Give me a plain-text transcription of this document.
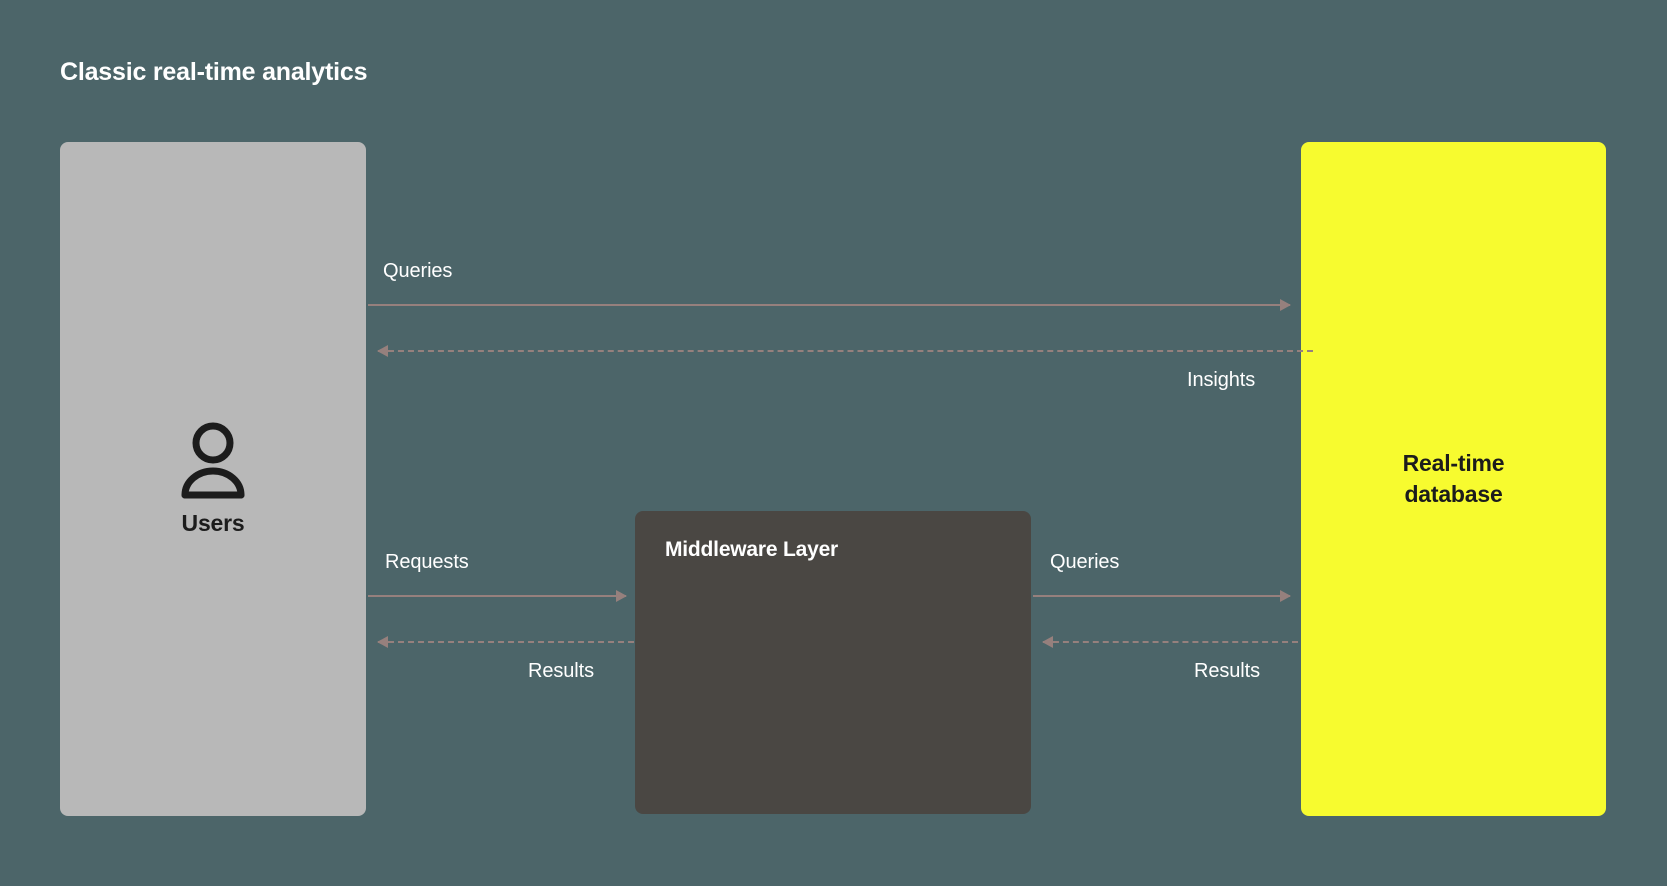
Classic real-time analytics
Users
Middleware Layer
Real-time
database
Queries
Insights
Requests
Results
Queries
Results
